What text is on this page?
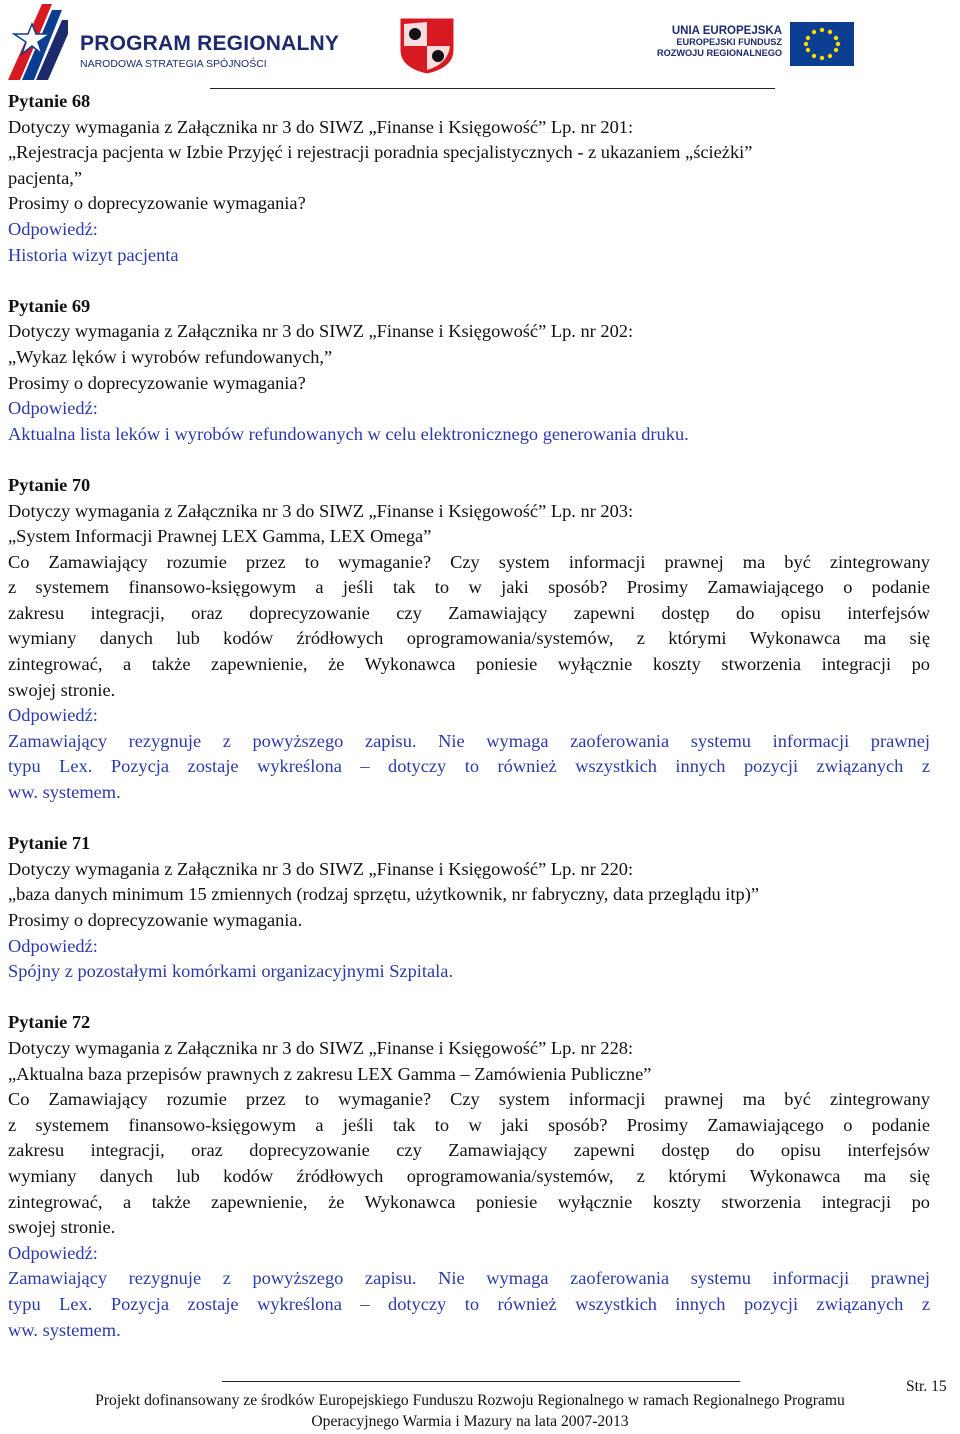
PROGRAM REGIONALNY
NARODOWA STRATEGIA SPÓJNOŚCI
UNIA EUROPEJSKA
EUROPEJSKI FUNDUSZ
ROZWOJU REGIONALNEGO
Pytanie 68
Dotyczy wymagania z Załącznika nr 3 do SIWZ „Finanse i Księgowość” Lp. nr 201:
„Rejestracja pacjenta w Izbie Przyjęć i rejestracji poradnia specjalistycznych - z ukazaniem „ścieżki”
pacjenta,”
Prosimy o doprecyzowanie wymagania?
Odpowiedź:
Historia wizyt pacjenta
Pytanie 69
Dotyczy wymagania z Załącznika nr 3 do SIWZ „Finanse i Księgowość” Lp. nr 202:
„Wykaz lęków i wyrobów refundowanych,”
Prosimy o doprecyzowanie wymagania?
Odpowiedź:
Aktualna lista leków i wyrobów refundowanych w celu elektronicznego generowania druku.
Pytanie 70
Dotyczy wymagania z Załącznika nr 3 do SIWZ „Finanse i Księgowość” Lp. nr 203:
„System Informacji Prawnej LEX Gamma, LEX Omega”
Co Zamawiający rozumie przez to wymaganie? Czy system informacji prawnej ma być zintegrowany
z systemem finansowo-księgowym a jeśli tak to w jaki sposób? Prosimy Zamawiającego o podanie
zakresu integracji, oraz doprecyzowanie czy Zamawiający zapewni dostęp do opisu interfejsów
wymiany danych lub kodów źródłowych oprogramowania/systemów, z którymi Wykonawca ma się
zintegrować, a także zapewnienie, że Wykonawca poniesie wyłącznie koszty stworzenia integracji po
swojej stronie.
Odpowiedź:
Zamawiający rezygnuje z powyższego zapisu. Nie wymaga zaoferowania systemu informacji prawnej
typu Lex. Pozycja zostaje wykreślona – dotyczy to również wszystkich innych pozycji związanych z
ww. systemem.
Pytanie 71
Dotyczy wymagania z Załącznika nr 3 do SIWZ „Finanse i Księgowość” Lp. nr 220:
„baza danych minimum 15 zmiennych (rodzaj sprzętu, użytkownik, nr fabryczny, data przeglądu itp)”
Prosimy o doprecyzowanie wymagania.
Odpowiedź:
Spójny z pozostałymi komórkami organizacyjnymi Szpitala.
Pytanie 72
Dotyczy wymagania z Załącznika nr 3 do SIWZ „Finanse i Księgowość” Lp. nr 228:
„Aktualna baza przepisów prawnych z zakresu LEX Gamma – Zamówienia Publiczne”
Co Zamawiający rozumie przez to wymaganie? Czy system informacji prawnej ma być zintegrowany
z systemem finansowo-księgowym a jeśli tak to w jaki sposób? Prosimy Zamawiającego o podanie
zakresu integracji, oraz doprecyzowanie czy Zamawiający zapewni dostęp do opisu interfejsów
wymiany danych lub kodów źródłowych oprogramowania/systemów, z którymi Wykonawca ma się
zintegrować, a także zapewnienie, że Wykonawca poniesie wyłącznie koszty stworzenia integracji po
swojej stronie.
Odpowiedź:
Zamawiający rezygnuje z powyższego zapisu. Nie wymaga zaoferowania systemu informacji prawnej
typu Lex. Pozycja zostaje wykreślona – dotyczy to również wszystkich innych pozycji związanych z
ww. systemem.
Projekt dofinansowany ze środków Europejskiego Funduszu Rozwoju Regionalnego w ramach Regionalnego Programu
Operacyjnego Warmia i Mazury na lata 2007-2013
Str. 15
